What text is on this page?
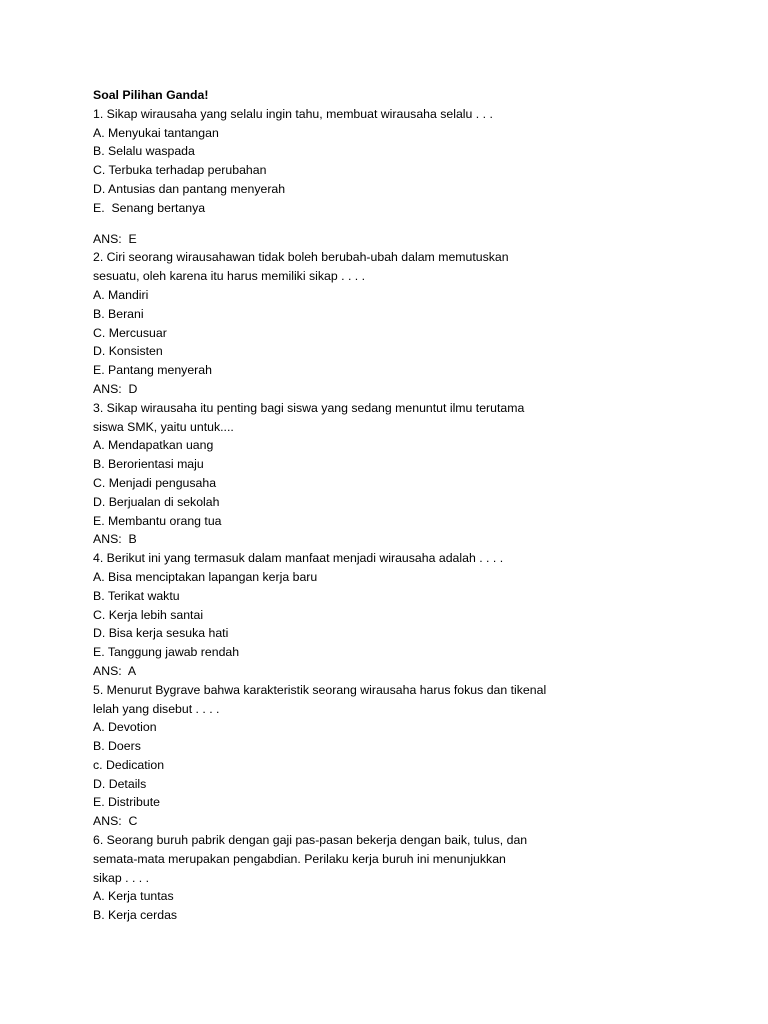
Soal Pilihan Ganda!
1. Sikap wirausaha yang selalu ingin tahu, membuat wirausaha selalu . . .
A. Menyukai tantangan
B. Selalu waspada
C. Terbuka terhadap perubahan
D. Antusias dan pantang menyerah
E.  Senang bertanya
ANS:  E
2. Ciri seorang wirausahawan tidak boleh berubah-ubah dalam memutuskan
sesuatu, oleh karena itu harus memiliki sikap . . . .
A. Mandiri
B. Berani
C. Mercusuar
D. Konsisten
E. Pantang menyerah
ANS:  D
3. Sikap wirausaha itu penting bagi siswa yang sedang menuntut ilmu terutama
siswa SMK, yaitu untuk....
A. Mendapatkan uang
B. Berorientasi maju
C. Menjadi pengusaha
D. Berjualan di sekolah
E. Membantu orang tua
ANS:  B
4. Berikut ini yang termasuk dalam manfaat menjadi wirausaha adalah . . . .
A. Bisa menciptakan lapangan kerja baru
B. Terikat waktu
C. Kerja lebih santai
D. Bisa kerja sesuka hati
E. Tanggung jawab rendah
ANS:  A
5. Menurut Bygrave bahwa karakteristik seorang wirausaha harus fokus dan tikenal
lelah yang disebut . . . .
A. Devotion
B. Doers
c. Dedication
D. Details
E. Distribute
ANS:  C
6. Seorang buruh pabrik dengan gaji pas-pasan bekerja dengan baik, tulus, dan
semata-mata merupakan pengabdian. Perilaku kerja buruh ini menunjukkan
sikap . . . .
A. Kerja tuntas
B. Kerja cerdas
